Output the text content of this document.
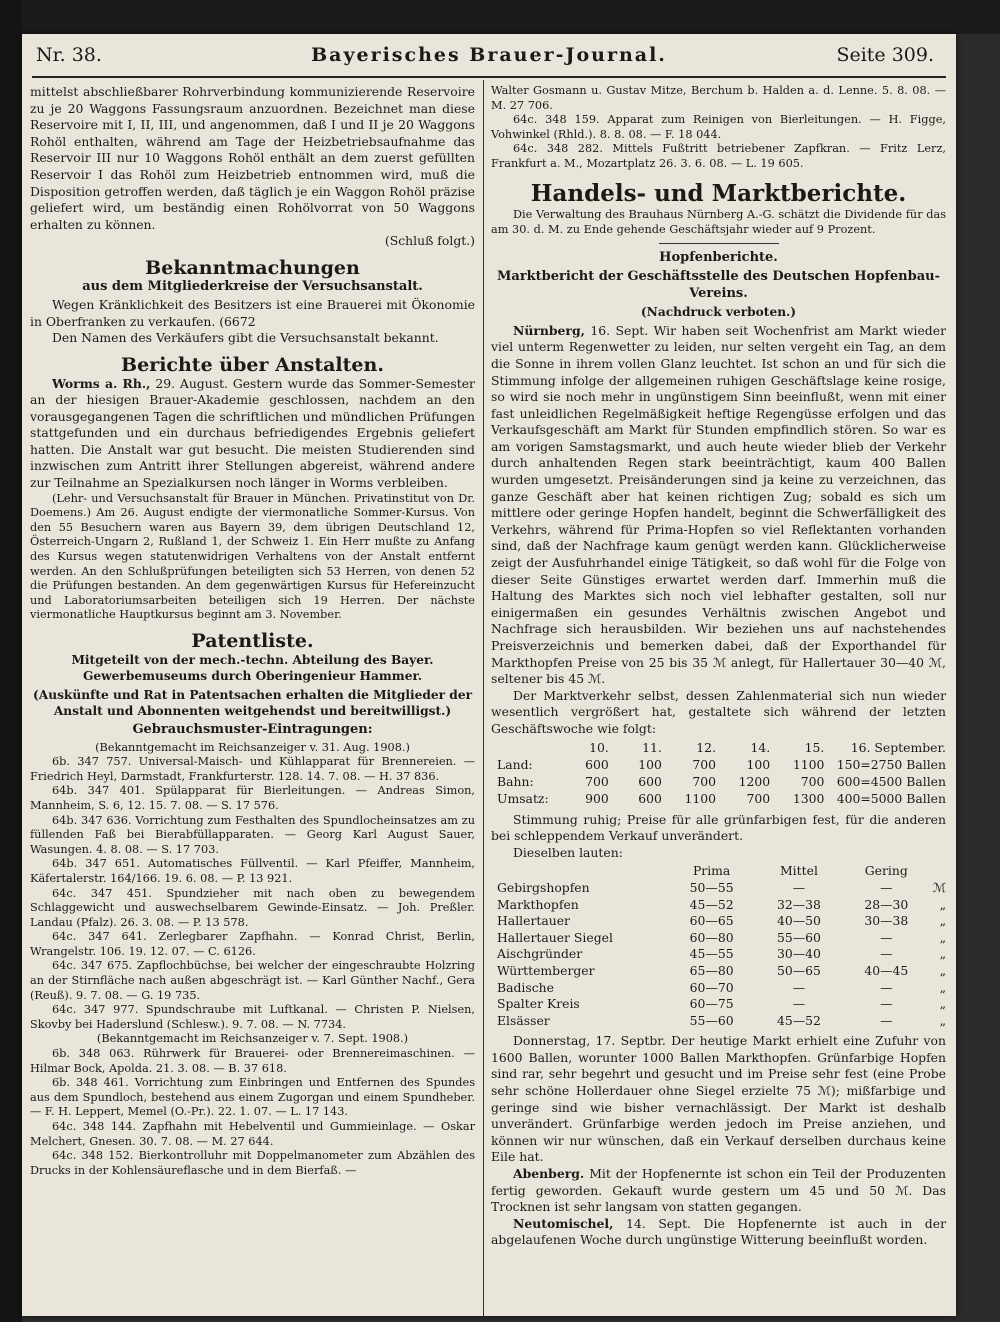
Nr. 38.	Bayerisches Brauer-Journal.	Seite 309.

mittelst abschließbarer Rohrverbindung kommunizierende Reservoire zu je 20 Waggons Fassungsraum anzuordnen. Bezeichnet man diese Reservoire mit I, II, III, und angenommen, daß I und II je 20 Waggons Rohöl enthalten, während am Tage der Heizbetriebsaufnahme das Reservoir III nur 10 Waggons Rohöl enthält an dem zuerst gefüllten Reservoir I das Rohöl zum Heizbetrieb entnommen wird, muß die Disposition getroffen werden, daß täglich je ein Waggon Rohöl präzise geliefert wird, um beständig einen Rohölvorrat von 50 Waggons erhalten zu können.

(Schluß folgt.)

Bekanntmachungen
aus dem Mitgliederkreise der Versuchsanstalt.

Wegen Kränklichkeit des Besitzers ist eine Brauerei mit Ökonomie in Oberfranken zu verkaufen. (6672

Den Namen des Verkäufers gibt die Versuchsanstalt bekannt.

Berichte über Anstalten.

Worms a. Rh., 29. August. Gestern wurde das Sommer-Semester an der hiesigen Brauer-Akademie geschlossen, nachdem an den vorausgegangenen Tagen die schriftlichen und mündlichen Prüfungen stattgefunden und ein durchaus befriedigendes Ergebnis geliefert hatten. Die Anstalt war gut besucht. Die meisten Studierenden sind inzwischen zum Antritt ihrer Stellungen abgereist, während andere zur Teilnahme an Spezialkursen noch länger in Worms verbleiben.

(Lehr- und Versuchsanstalt für Brauer in München. Privatinstitut von Dr. Doemens.) Am 26. August endigte der viermonatliche Sommer-Kursus. Von den 55 Besuchern waren aus Bayern 39, dem übrigen Deutschland 12, Österreich-Ungarn 2, Rußland 1, der Schweiz 1. Ein Herr mußte zu Anfang des Kursus wegen statutenwidrigen Verhaltens von der Anstalt entfernt werden. An den Schlußprüfungen beteiligten sich 53 Herren, von denen 52 die Prüfungen bestanden. An dem gegenwärtigen Kursus für Hefereinzucht und Laboratoriumsarbeiten beteiligen sich 19 Herren. Der nächste viermonatliche Hauptkursus beginnt am 3. November.

Patentliste.
Mitgeteilt von der mech.-techn. Abteilung des Bayer. Gewerbemuseums durch Oberingenieur Hammer.
(Auskünfte und Rat in Patentsachen erhalten die Mitglieder der Anstalt und Abonnenten weitgehendst und bereitwilligst.)
Gebrauchsmuster-Eintragungen:

(Bekanntgemacht im Reichsanzeiger v. 31. Aug. 1908.)

6b. 347 757. Universal-Maisch- und Kühlapparat für Brennereien. — Friedrich Heyl, Darmstadt, Frankfurterstr. 128. 14. 7. 08. — H. 37 836.

64b. 347 401. Spülapparat für Bierleitungen. — Andreas Simon, Mannheim, S. 6, 12. 15. 7. 08. — S. 17 576.

64b. 347 636. Vorrichtung zum Festhalten des Spundlocheinsatzes am zu füllenden Faß bei Bierabfüllapparaten. — Georg Karl August Sauer, Wasungen. 4. 8. 08. — S. 17 703.

64b. 347 651. Automatisches Füllventil. — Karl Pfeiffer, Mannheim, Käfertalerstr. 164/166. 19. 6. 08. — P. 13 921.

64c. 347 451. Spundzieher mit nach oben zu bewegendem Schlaggewicht und auswechselbarem Gewinde-Einsatz. — Joh. Preßler. Landau (Pfalz). 26. 3. 08. — P. 13 578.

64c. 347 641. Zerlegbarer Zapfhahn. — Konrad Christ, Berlin, Wrangelstr. 106. 19. 12. 07. — C. 6126.

64c. 347 675. Zapflochbüchse, bei welcher der eingeschraubte Holzring an der Stirnfläche nach außen abgeschrägt ist. — Karl Günther Nachf., Gera (Reuß). 9. 7. 08. — G. 19 735.

64c. 347 977. Spundschraube mit Luftkanal. — Christen P. Nielsen, Skovby bei Haderslund (Schlesw.). 9. 7. 08. — N. 7734.

(Bekanntgemacht im Reichsanzeiger v. 7. Sept. 1908.)

6b. 348 063. Rührwerk für Brauerei- oder Brennereimaschinen. — Hilmar Bock, Apolda. 21. 3. 08. — B. 37 618.

6b. 348 461. Vorrichtung zum Einbringen und Entfernen des Spundes aus dem Spundloch, bestehend aus einem Zugorgan und einem Spundheber. — F. H. Leppert, Memel (O.-Pr.). 22. 1. 07. — L. 17 143.

64c. 348 144. Zapfhahn mit Hebelventil und Gummieinlage. — Oskar Melchert, Gnesen. 30. 7. 08. — M. 27 644.

64c. 348 152. Bierkontrolluhr mit Doppelmanometer zum Abzählen des Drucks in der Kohlensäureflasche und in dem Bierfaß. —

Walter Gosmann u. Gustav Mitze, Berchum b. Halden a. d. Lenne. 5. 8. 08. — M. 27 706.

64c. 348 159. Apparat zum Reinigen von Bierleitungen. — H. Figge, Vohwinkel (Rhld.). 8. 8. 08. — F. 18 044.

64c. 348 282. Mittels Fußtritt betriebener Zapfkran. — Fritz Lerz, Frankfurt a. M., Mozartplatz 26. 3. 6. 08. — L. 19 605.

Handels- und Marktberichte.

Die Verwaltung des Brauhaus Nürnberg A.-G. schätzt die Dividende für das am 30. d. M. zu Ende gehende Geschäftsjahr wieder auf 9 Prozent.

Hopfenberichte.
Marktbericht der Geschäftsstelle des Deutschen Hopfenbau-Vereins.
(Nachdruck verboten.)

Nürnberg, 16. Sept. Wir haben seit Wochenfrist am Markt wieder viel unterm Regenwetter zu leiden, nur selten vergeht ein Tag, an dem die Sonne in ihrem vollen Glanz leuchtet. Ist schon an und für sich die Stimmung infolge der allgemeinen ruhigen Geschäftslage keine rosige, so wird sie noch mehr in ungünstigem Sinn beeinflußt, wenn mit einer fast unleidlichen Regelmäßigkeit heftige Regengüsse erfolgen und das Verkaufsgeschäft am Markt für Stunden empfindlich stören. So war es am vorigen Samstagsmarkt, und auch heute wieder blieb der Verkehr durch anhaltenden Regen stark beeinträchtigt, kaum 400 Ballen wurden umgesetzt. Preisänderungen sind ja keine zu verzeichnen, das ganze Geschäft aber hat keinen richtigen Zug; sobald es sich um mittlere oder geringe Hopfen handelt, beginnt die Schwerfälligkeit des Verkehrs, während für Prima-Hopfen so viel Reflektanten vorhanden sind, daß der Nachfrage kaum genügt werden kann. Glücklicherweise zeigt der Ausfuhrhandel einige Tätigkeit, so daß wohl für die Folge von dieser Seite Günstiges erwartet werden darf. Immerhin muß die Haltung des Marktes sich noch viel lebhafter gestalten, soll nur einigermaßen ein gesundes Verhältnis zwischen Angebot und Nachfrage sich herausbilden. Wir beziehen uns auf nachstehendes Preisverzeichnis und bemerken dabei, daß der Exporthandel für Markthopfen Preise von 25 bis 35 ℳ anlegt, für Hallertauer 30—40 ℳ, seltener bis 45 ℳ.

Der Marktverkehr selbst, dessen Zahlenmaterial sich nun wieder wesentlich vergrößert hat, gestaltete sich während der letzten Geschäftswoche wie folgt:

	10.	11.	12.	14.	15.	16. September.
Land:	600	100	700	100	1100	150=2750 Ballen
Bahn:	700	600	700	1200	700	600=4500 Ballen
Umsatz:	900	600	1100	700	1300	400=5000 Ballen

Stimmung ruhig; Preise für alle grünfarbigen fest, für die anderen bei schleppendem Verkauf unverändert.

Dieselben lauten:

	Prima	Mittel	Gering	
Gebirgshopfen	50—55	—	—	ℳ
Markthopfen	45—52	32—38	28—30	„
Hallertauer	60—65	40—50	30—38	„
Hallertauer Siegel	60—80	55—60	—	„
Aischgründer	45—55	30—40	—	„
Württemberger	65—80	50—65	40—45	„
Badische	60—70	—	—	„
Spalter Kreis	60—75	—	—	„
Elsässer	55—60	45—52	—	„

Donnerstag, 17. Septbr. Der heutige Markt erhielt eine Zufuhr von 1600 Ballen, worunter 1000 Ballen Markthopfen. Grünfarbige Hopfen sind rar, sehr begehrt und gesucht und im Preise sehr fest (eine Probe sehr schöne Hollerdauer ohne Siegel erzielte 75 ℳ); mißfarbige und geringe sind wie bisher vernachlässigt. Der Markt ist deshalb unverändert. Grünfarbige werden jedoch im Preise anziehen, und können wir nur wünschen, daß ein Verkauf derselben durchaus keine Eile hat.

Abenberg. Mit der Hopfenernte ist schon ein Teil der Produzenten fertig geworden. Gekauft wurde gestern um 45 und 50 ℳ. Das Trocknen ist sehr langsam von statten gegangen.

Neutomischel, 14. Sept. Die Hopfenernte ist auch in der abgelaufenen Woche durch ungünstige Witterung beeinflußt worden.
